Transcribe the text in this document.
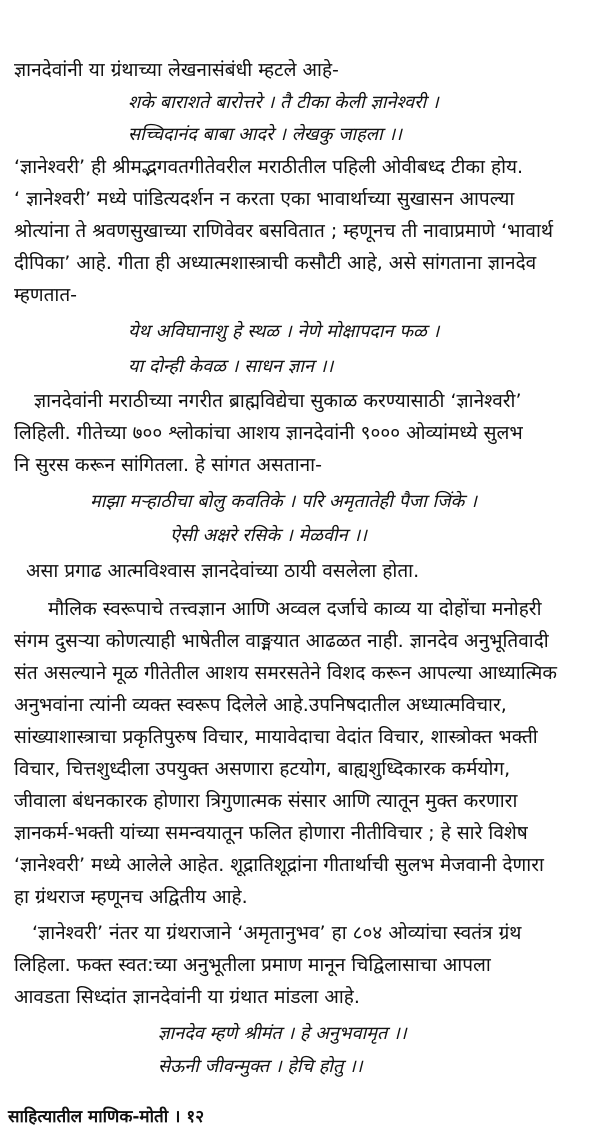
ज्ञानदेवांनी या ग्रंथाच्या लेखनासंबंधी म्हटले आहे-
शके बाराशते बारोत्तरे । तै टीका केली ज्ञानेश्वरी ।
सच्चिदानंद बाबा आदरे । लेखकु जाहला ।।
‘ज्ञानेश्वरी’ ही श्रीमद्भगवतगीतेवरील मराठीतील पहिली ओवीबध्द टीका होय.
‘ ज्ञानेश्वरी’ मध्ये पांडित्यदर्शन न करता एका भावार्थाच्या सुखासन आपल्या
श्रोत्यांना ते श्रवणसुखाच्या राणिवेवर बसवितात ; म्हणूनच ती नावाप्रमाणे ‘भावार्थ
दीपिका’ आहे. गीता ही अध्यात्मशास्त्राची कसौटी आहे, असे सांगताना ज्ञानदेव
म्हणतात-
येथ अविघानाशु हे स्थळ । नेणे मोक्षापदान फळ ।
या दोन्ही केवळ । साधन ज्ञान ।।
ज्ञानदेवांनी मराठीच्या नगरीत ब्राह्मविद्येचा सुकाळ करण्यासाठी ‘ज्ञानेश्वरी’
लिहिली. गीतेच्या ७०० श्लोकांचा आशय ज्ञानदेवांनी ९००० ओव्यांमध्ये सुलभ
नि सुरस करून सांगितला. हे सांगत असताना-
माझा मऱ्हाठीचा बोलु कवतिके । परि अमृतातेही पैजा जिंके ।
ऐसी अक्षरे रसिके । मेळवीन ।।
असा प्रगाढ आत्मविश्वास ज्ञानदेवांच्या ठायी वसलेला होता.
मौलिक स्वरूपाचे तत्त्वज्ञान आणि अव्वल दर्जाचे काव्य या दोहोंचा मनोहरी
संगम दुसऱ्या कोणत्याही भाषेतील वाङ्मयात आढळत नाही. ज्ञानदेव अनुभूतिवादी
संत असल्याने मूळ गीतेतील आशय समरसतेने विशद करून आपल्या आध्यात्मिक
अनुभवांना त्यांनी व्यक्त स्वरूप दिलेले आहे.उपनिषदातील अध्यात्मविचार,
सांख्याशास्त्राचा प्रकृतिपुरुष विचार, मायावेदाचा वेदांत विचार, शास्त्रोक्त भक्ती
विचार, चित्तशुध्दीला उपयुक्त असणारा हटयोग, बाह्यशुध्दिकारक कर्मयोग,
जीवाला बंधनकारक होणारा त्रिगुणात्मक संसार आणि त्यातून मुक्त करणारा
ज्ञानकर्म-भक्ती यांच्या समन्वयातून फलित होणारा नीतीविचार ; हे सारे विशेष
‘ज्ञानेश्वरी’ मध्ये आलेले आहेत. शूद्रातिशूद्रांना गीतार्थाची सुलभ मेजवानी देणारा
हा ग्रंथराज म्हणूनच अद्वितीय आहे.
‘ज्ञानेश्वरी’ नंतर या ग्रंथराजाने ‘अमृतानुभव’ हा ८०४ ओव्यांचा स्वतंत्र ग्रंथ
लिहिला. फक्त स्वत:च्या अनुभूतीला प्रमाण मानून चिद्विलासाचा आपला
आवडता सिध्दांत ज्ञानदेवांनी या ग्रंथात मांडला आहे.
ज्ञानदेव म्हणे श्रीमंत । हे अनुभवामृत ।।
सेऊनी जीवन्मुक्त । हेचि होतु ।।
साहित्यातील माणिक-मोती । १२
